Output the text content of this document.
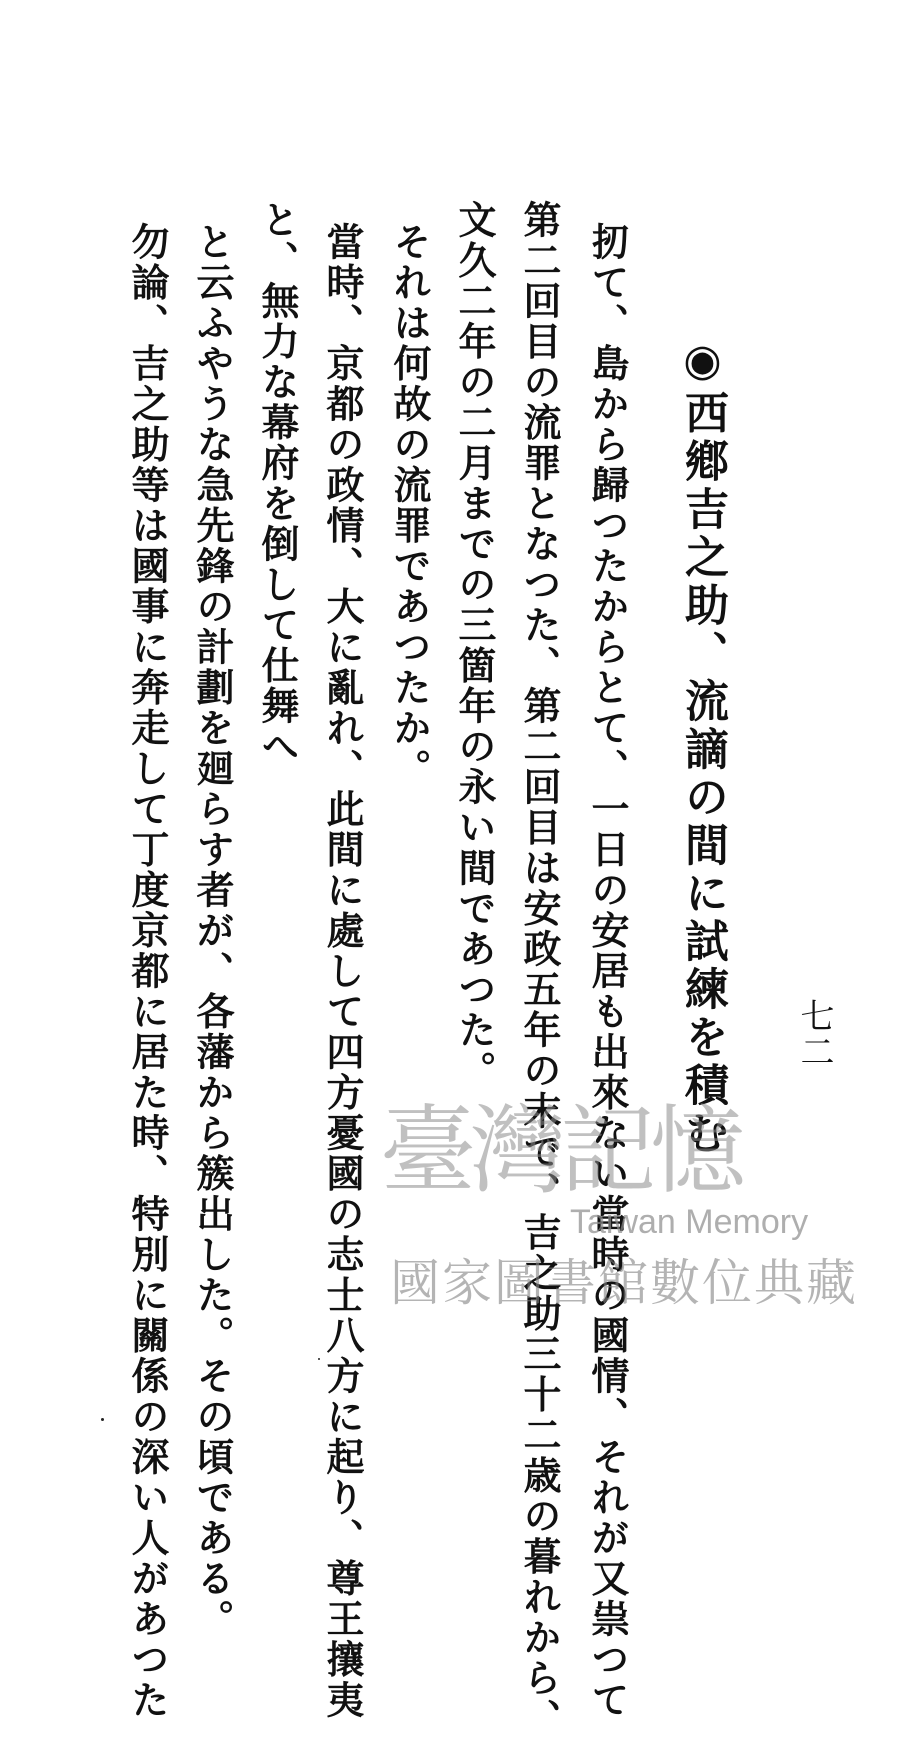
◉西鄕吉之助、流謫の間に試練を積む
扨て、島から歸つたからとて、一日の安居も出來ない當時の國情、それが又祟つて
第二回目の流罪となつた、第二回目は安政五年の末で、吉之助三十二歳の暮れから、
文久二年の二月までの三箇年の永い間であつた。
それは何故の流罪であつたか。
當時、京都の政情、大に亂れ、此間に處して四方憂國の志士八方に起り、尊王攘夷
と、無力な幕府を倒して仕舞へ
と云ふやうな急先鋒の計劃を廻らす者が、各藩から簇出した。その頃である。
勿論、吉之助等は國事に奔走して丁度京都に居た時、特別に關係の深い人があつた	七二
臺灣記憶
Taiwan Memory
國家圖書館數位典藏
